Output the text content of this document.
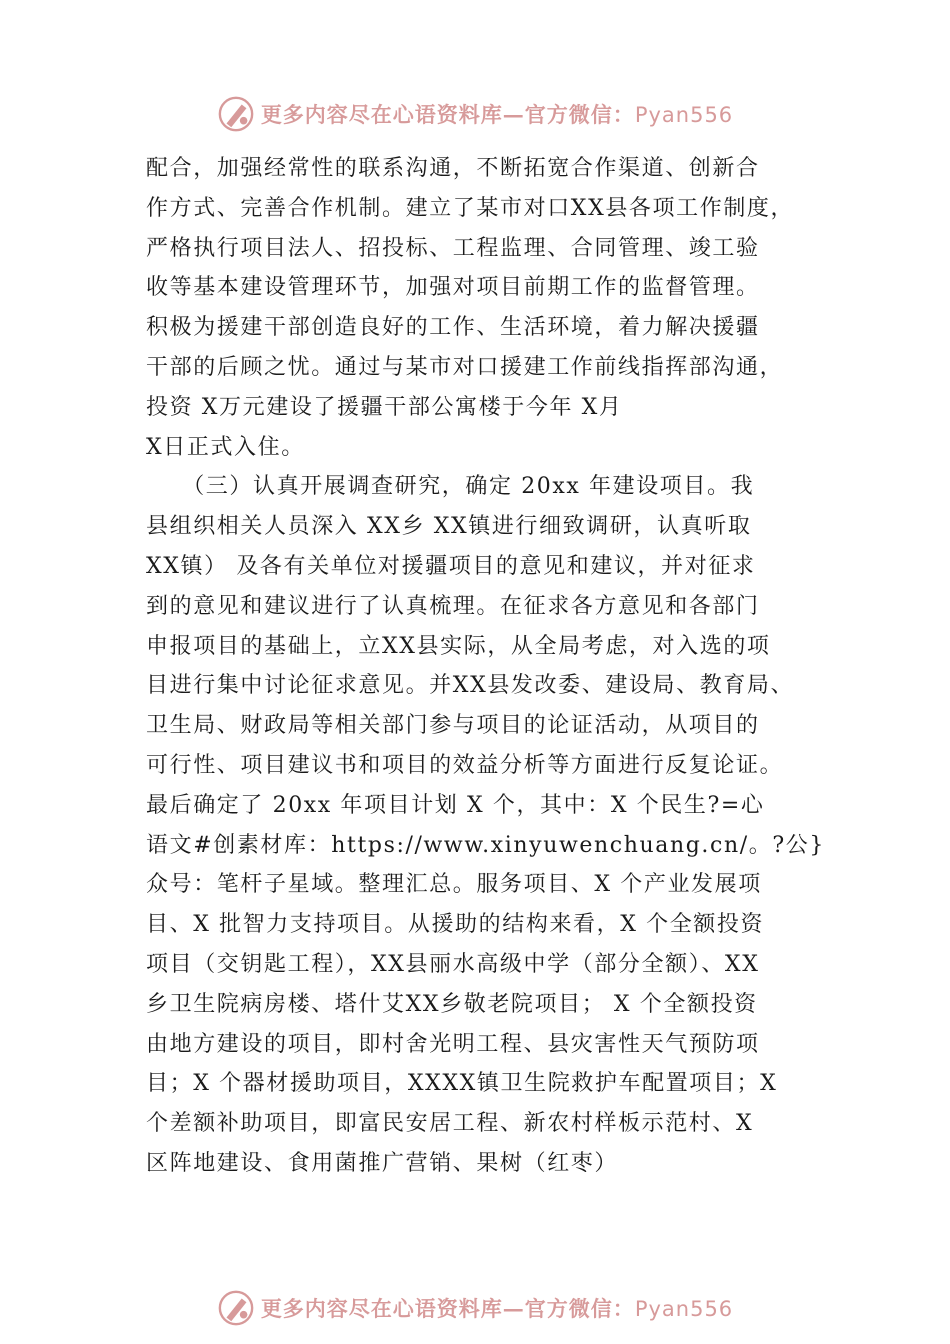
更多内容尽在心语资料库—官方微信：Pyan556

配合，加强经常性的联系沟通，不断拓宽合作渠道、创新合

作方式、完善合作机制。建立了某市对口XX县各项工作制度，

严格执行项目法人、招投标、工程监理、合同管理、竣工验

收等基本建设管理环节，加强对项目前期工作的监督管理。

积极为援建干部创造良好的工作、生活环境，着力解决援疆

干部的后顾之忧。通过与某市对口援建工作前线指挥部沟通，

投资 X万元建设了援疆干部公寓楼于今年 X月

X日正式入住。

　　（三）认真开展调查研究，确定 20xx 年建设项目。我

县组织相关人员深入 XX乡 XX镇进行细致调研，认真听取

XX镇） 及各有关单位对援疆项目的意见和建议，并对征求

到的意见和建议进行了认真梳理。在征求各方意见和各部门

申报项目的基础上，立XX县实际，从全局考虑，对入选的项

目进行集中讨论征求意见。并XX县发改委、建设局、教育局、

卫生局、财政局等相关部门参与项目的论证活动，从项目的

可行性、项目建议书和项目的效益分析等方面进行反复论证。

最后确定了 20xx 年项目计划 X 个，其中：X 个民生?=心

语文#创素材库：https://www.xinyuwenchuang.cn/。?公}

众号：笔杆子星域。整理汇总。服务项目、X 个产业发展项

目、X 批智力支持项目。从援助的结构来看，X 个全额投资

项目（交钥匙工程），XX县丽水高级中学（部分全额）、XX

乡卫生院病房楼、塔什艾XX乡敬老院项目； X 个全额投资

由地方建设的项目，即村舍光明工程、县灾害性天气预防项

目；X 个器材援助项目，XXXX镇卫生院救护车配置项目；X

个差额补助项目，即富民安居工程、新农村样板示范村、X

区阵地建设、食用菌推广营销、果树（红枣）

更多内容尽在心语资料库—官方微信：Pyan556
